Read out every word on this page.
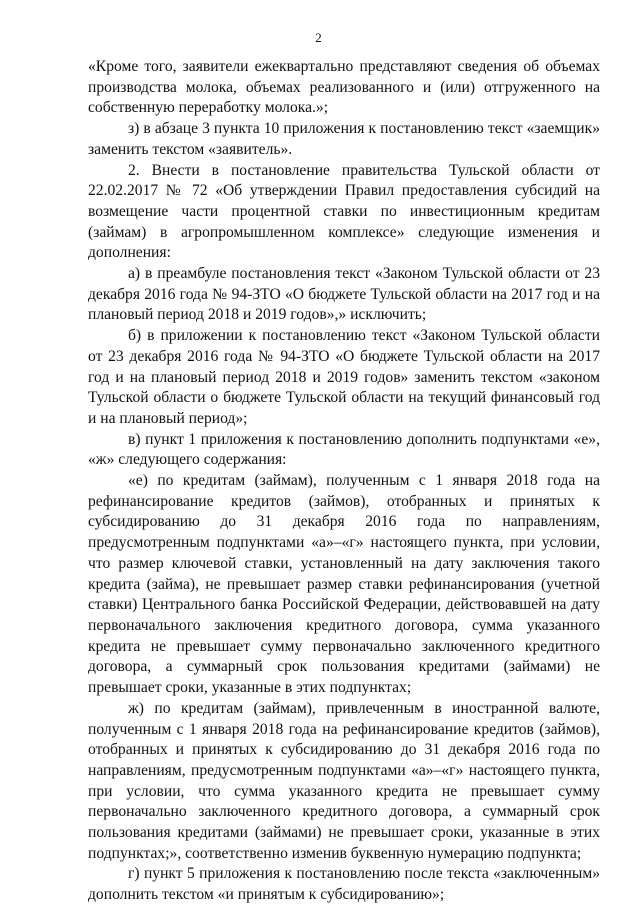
2

«Кроме того, заявители ежеквартально представляют сведения об объемах производства молока, объемах реализованного и (или) отгруженного на собственную переработку молока.»;

з) в абзаце 3 пункта 10 приложения к постановлению текст «заемщик» заменить текстом «заявитель».

2. Внести в постановление правительства Тульской области от 22.02.2017 № 72 «Об утверждении Правил предоставления субсидий на возмещение части процентной ставки по инвестиционным кредитам (займам) в агропромышленном комплексе» следующие изменения и дополнения:

а) в преамбуле постановления текст «Законом Тульской области от 23 декабря 2016 года № 94-ЗТО «О бюджете Тульской области на 2017 год и на плановый период 2018 и 2019 годов»,» исключить;

б) в приложении к постановлению текст «Законом Тульской области от 23 декабря 2016 года № 94-ЗТО «О бюджете Тульской области на 2017 год и на плановый период 2018 и 2019 годов» заменить текстом «законом Тульской области о бюджете Тульской области на текущий финансовый год и на плановый период»;

в) пункт 1 приложения к постановлению дополнить подпунктами «е», «ж» следующего содержания:

«е) по кредитам (займам), полученным с 1 января 2018 года на рефинансирование кредитов (займов), отобранных и принятых к субсидированию до 31 декабря 2016 года по направлениям, предусмотренным подпунктами «а»–«г» настоящего пункта, при условии, что размер ключевой ставки, установленный на дату заключения такого кредита (займа), не превышает размер ставки рефинансирования (учетной ставки) Центрального банка Российской Федерации, действовавшей на дату первоначального заключения кредитного договора, сумма указанного кредита не превышает сумму первоначально заключенного кредитного договора, а суммарный срок пользования кредитами (займами) не превышает сроки, указанные в этих подпунктах;

ж) по кредитам (займам), привлеченным в иностранной валюте, полученным с 1 января 2018 года на рефинансирование кредитов (займов), отобранных и принятых к субсидированию до 31 декабря 2016 года по направлениям, предусмотренным подпунктами «а»–«г» настоящего пункта, при условии, что сумма указанного кредита не превышает сумму первоначально заключенного кредитного договора, а суммарный срок пользования кредитами (займами) не превышает сроки, указанные в этих подпунктах;», соответственно изменив буквенную нумерацию подпункта;

г) пункт 5 приложения к постановлению после текста «заключенным» дополнить текстом «и принятым к субсидированию»;
